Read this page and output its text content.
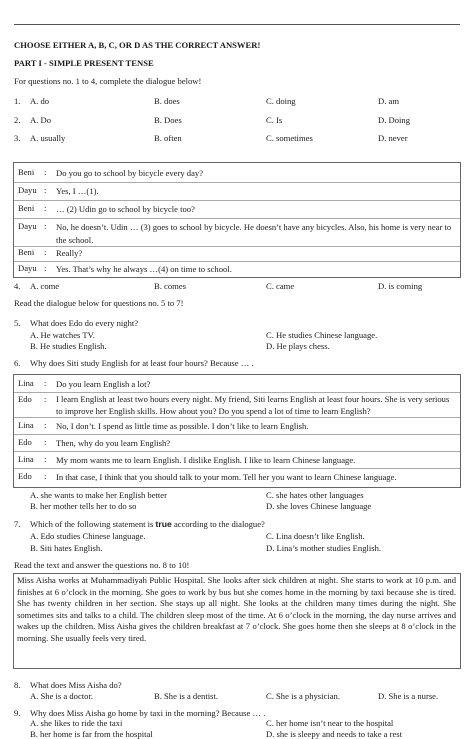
CHOOSE EITHER A, B, C, OR D AS THE CORRECT ANSWER!
PART I - SIMPLE PRESENT TENSE
For questions no. 1 to 4, complete the dialogue below!
1. A. do	B. does	C. doing	D. am
2. A. Do	B. Does	C. Is	D. Doing
3. A. usually	B. often	C. sometimes	D. never
Beni : Do you go to school by bicycle every day?
Dayu : Yes, I …(1).
Beni : … (2) Udin go to school by bicycle too?
Dayu : No, he doesn’t. Udin … (3) goes to school by bicycle. He doesn’t have any bicycles. Also, his home is very near to the school.
Beni : Really?
Dayu : Yes. That’s why he always …(4) on time to school.
4. A. come	B. comes	C. came	D. is coming
Read the dialogue below for questions no. 5 to 7!
5. What does Edo do every night?
A. He watches TV.
B. He studies English.
C. He studies Chinese language.
D. He plays chess.
6. Why does Siti study English for at least four hours? Because … .
Lina : Do you learn English a lot?
Edo : I learn English at least two hours every night. My friend, Siti learns English at least four hours. She is very serious to improve her English skills. How about you? Do you spend a lot of time to learn English?
Lina : No, I don’t. I spend as little time as possible. I don’t like to learn English.
Edo : Then, why do you learn English?
Lina : My mom wants me to learn English. I dislike English. I like to learn Chinese language.
Edo : In that case, I think that you should talk to your mom. Tell her you want to learn Chinese language.
A. she wants to make her English better
B. her mother tells her to do so
C. she hates other languages
D. she loves Chinese language
7. Which of the following statement is true according to the dialogue?
A. Edo studies Chinese language.
B. Siti hates English.
C. Lina doesn’t like English.
D. Lina’s mother studies English.
Read the text and answer the questions no. 8 to 10!
Miss Aisha works at Muhammadiyah Public Hospital. She looks after sick children at night. She starts to work at 10 p.m. and finishes at 6 o’clock in the morning. She goes to work by bus but she comes home in the morning by taxi because she is tired. She has twenty children in her section. She stays up all night. She looks at the children many times during the night. She sometimes sits and talks to a child. The children sleep most of the time. At 6 o’clock in the morning, the day nurse arrives and wakes up the children. Miss Aisha gives the children breakfast at 7 o’clock. She goes home then she sleeps at 8 o’clock in the morning. She usually feels very tired.
8. What does Miss Aisha do?
A. She is a doctor.	B. She is a dentist.	C. She is a physician.	D. She is a nurse.
9. Why does Miss Aisha go home by taxi in the morning? Because … .
A. she likes to ride the taxi
B. her home is far from the hospital
C. her home isn’t near to the hospital
D. she is sleepy and needs to take a rest
